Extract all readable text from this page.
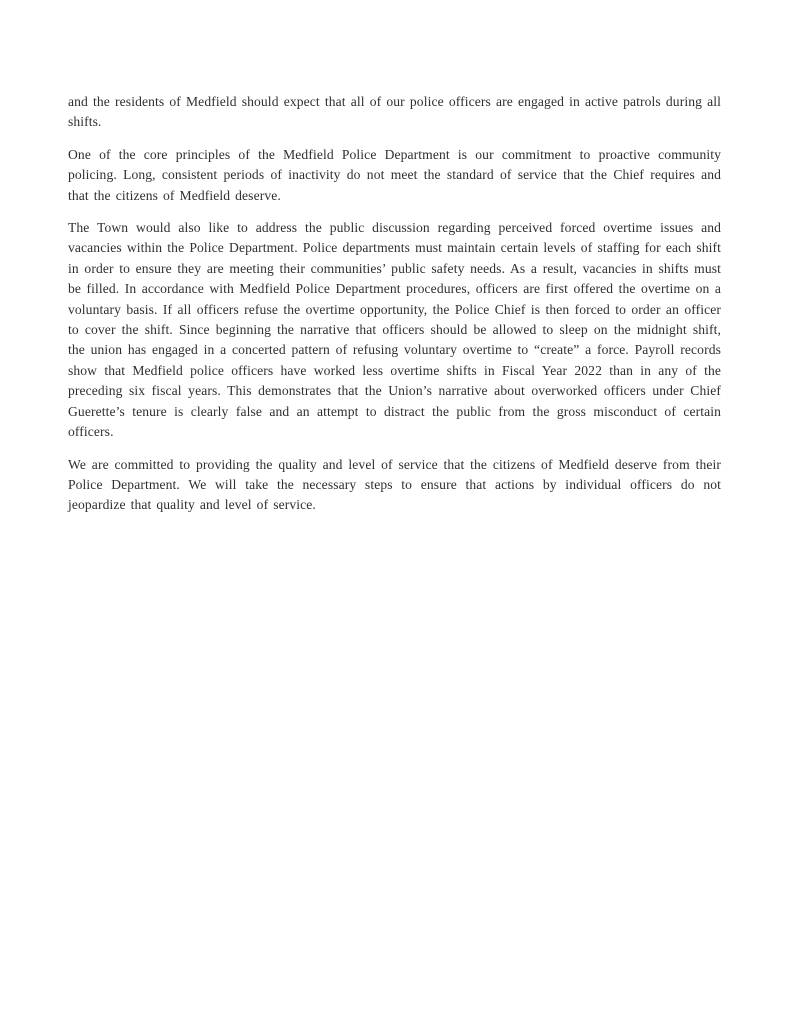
and the residents of Medfield should expect that all of our police officers are engaged in active patrols during all shifts.

One of the core principles of the Medfield Police Department is our commitment to proactive community policing. Long, consistent periods of inactivity do not meet the standard of service that the Chief requires and that the citizens of Medfield deserve.

The Town would also like to address the public discussion regarding perceived forced overtime issues and vacancies within the Police Department. Police departments must maintain certain levels of staffing for each shift in order to ensure they are meeting their communities’ public safety needs. As a result, vacancies in shifts must be filled. In accordance with Medfield Police Department procedures, officers are first offered the overtime on a voluntary basis. If all officers refuse the overtime opportunity, the Police Chief is then forced to order an officer to cover the shift. Since beginning the narrative that officers should be allowed to sleep on the midnight shift, the union has engaged in a concerted pattern of refusing voluntary overtime to “create” a force. Payroll records show that Medfield police officers have worked less overtime shifts in Fiscal Year 2022 than in any of the preceding six fiscal years. This demonstrates that the Union’s narrative about overworked officers under Chief Guerette’s tenure is clearly false and an attempt to distract the public from the gross misconduct of certain officers.

We are committed to providing the quality and level of service that the citizens of Medfield deserve from their Police Department. We will take the necessary steps to ensure that actions by individual officers do not jeopardize that quality and level of service.
